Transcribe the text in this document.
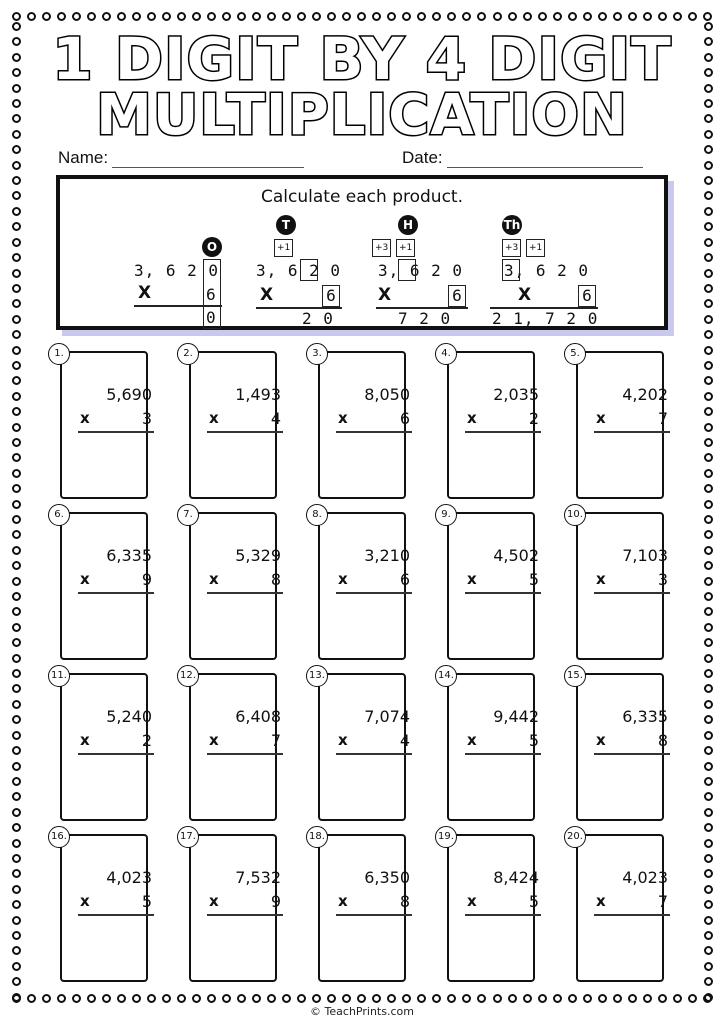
1 DIGIT BY 4 DIGIT
MULTIPLICATION
Name:	Date:
Calculate each product.
O
3, 6 2 0
X	6
0
T
+1
3, 6 2 0
X	6
2 0
H
+3	+1
3, 6 2 0
X	6
7 2 0
Th
+3	+1
3, 6 2 0
X	6
2 1, 7 2 0
5,690
x	3
1.
1,493
x	4
2.
8,050
x	6
3.
2,035
x	2
4.
4,202
x	7
5.
6,335
x	9
6.
5,329
x	8
7.
3,210
x	6
8.
4,502
x	5
9.
7,103
x	3
10.
5,240
x	2
11.
6,408
x	7
12.
7,074
x	4
13.
9,442
x	5
14.
6,335
x	8
15.
4,023
x	5
16.
7,532
x	9
17.
6,350
x	8
18.
8,424
x	5
19.
4,023
x	7
20.
© TeachPrints.com
